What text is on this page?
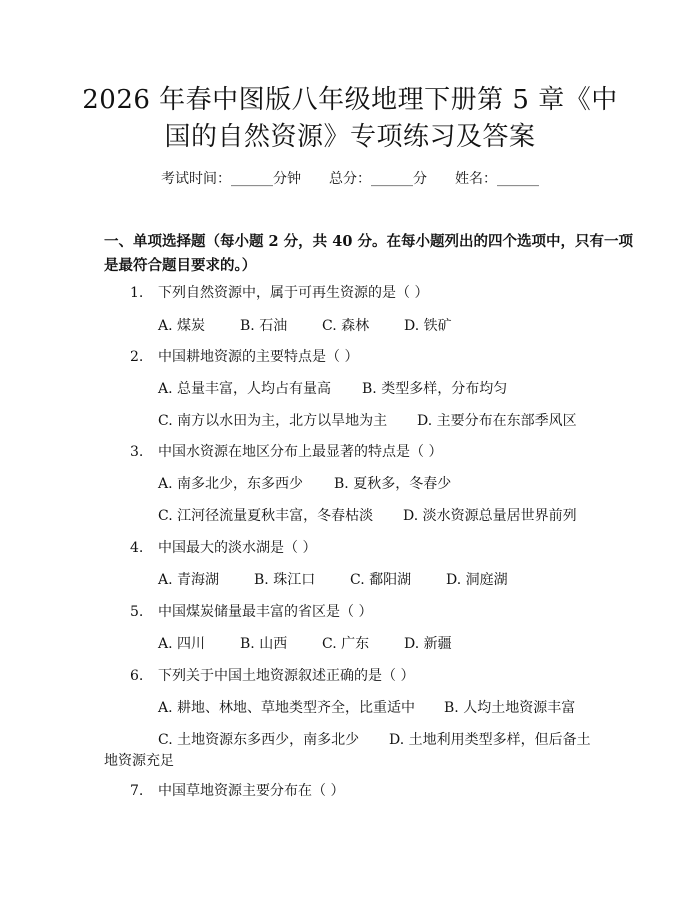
2026 年春中图版八年级地理下册第 5 章《中
国的自然资源》专项练习及答案
考试时间：______分钟 总分：______分 姓名：______
一、单项选择题（每小题 2 分，共 40 分。在每小题列出的四个选项中，只有一项
是最符合题目要求的。）
1. 下列自然资源中，属于可再生资源的是（ ）
A. 煤炭 B. 石油 C. 森林 D. 铁矿
2. 中国耕地资源的主要特点是（ ）
A. 总量丰富，人均占有量高 B. 类型多样，分布均匀
C. 南方以水田为主，北方以旱地为主 D. 主要分布在东部季风区
3. 中国水资源在地区分布上最显著的特点是（ ）
A. 南多北少，东多西少 B. 夏秋多，冬春少
C. 江河径流量夏秋丰富，冬春枯淡 D. 淡水资源总量居世界前列
4. 中国最大的淡水湖是（ ）
A. 青海湖 B. 珠江口 C. 鄱阳湖 D. 洞庭湖
5. 中国煤炭储量最丰富的省区是（ ）
A. 四川 B. 山西 C. 广东 D. 新疆
6. 下列关于中国土地资源叙述正确的是（ ）
A. 耕地、林地、草地类型齐全，比重适中 B. 人均土地资源丰富
C. 土地资源东多西少，南多北少 D. 土地利用类型多样，但后备土
地资源充足
7. 中国草地资源主要分布在（ ）
